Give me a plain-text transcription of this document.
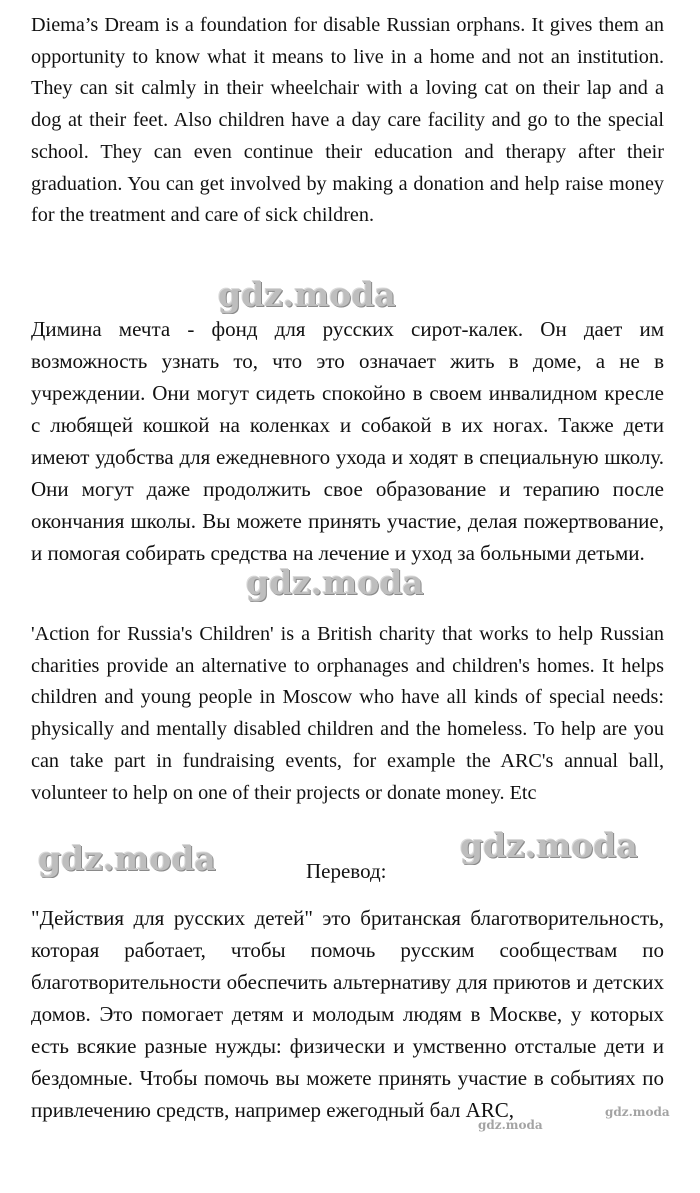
Diema’s Dream is a foundation for disable Russian orphans. It gives them an opportunity to know what it means to live in a home and not an institution. They can sit calmly in their wheelchair with a loving cat on their lap and a dog at their feet. Also children have a day care facility and go to the special school. They can even continue their education and therapy after their graduation. You can get involved by making a donation and help raise money for the treatment and care of sick children.

Димина мечта - фонд для русских сирот-калек. Он дает им возможность узнать то, что это означает жить в доме, а не в учреждении. Они могут сидеть спокойно в своем инвалидном кресле с любящей кошкой на коленках и собакой в их ногах. Также дети имеют удобства для ежедневного ухода и ходят в специальную школу. Они могут даже продолжить свое образование и терапию после окончания школы. Вы можете принять участие, делая пожертвование, и помогая собирать средства на лечение и уход за больными детьми.

'Action for Russia's Children' is a British charity that works to help Russian charities provide an alternative to orphanages and children's homes. It helps children and young people in Moscow who have all kinds of special needs: physically and mentally disabled children and the homeless. To help are you can take part in fundraising events, for example the ARC's annual ball, volunteer to help on one of their projects or donate money. Etc

Перевод:

"Действия для русских детей" это британская благотворительность, которая работает, чтобы помочь русским сообществам по благотворительности обеспечить альтернативу для приютов и детских домов. Это помогает детям и молодым людям в Москве, у которых есть всякие разные нужды: физически и умственно отсталые дети и бездомные. Чтобы помочь вы можете принять участие в событиях по привлечению средств, например ежегодный бал ARC,

gdz.moda
gdz.moda
gdz.moda	gdz.moda
gdz.moda
gdz.moda
